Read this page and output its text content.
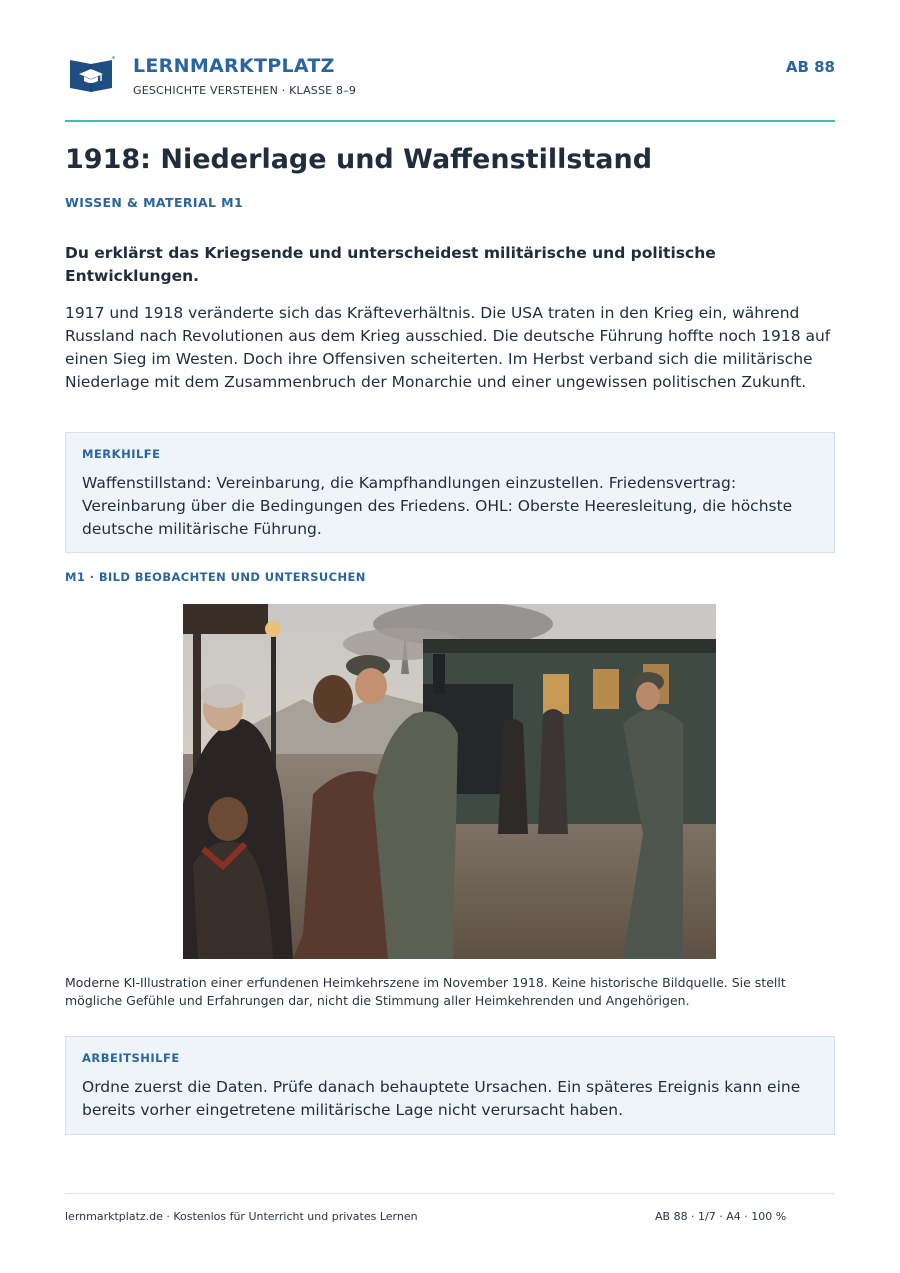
LERNMARKTPLATZ
GESCHICHTE VERSTEHEN · KLASSE 8–9
AB 88
1918: Niederlage und Waffenstillstand
WISSEN & MATERIAL M1

Du erklärst das Kriegsende und unterscheidest militärische und politische Entwicklungen.

1917 und 1918 veränderte sich das Kräfteverhältnis. Die USA traten in den Krieg ein, während Russland nach Revolutionen aus dem Krieg ausschied. Die deutsche Führung hoffte noch 1918 auf einen Sieg im Westen. Doch ihre Offensiven scheiterten. Im Herbst verband sich die militärische Niederlage mit dem Zusammenbruch der Monarchie und einer ungewissen politischen Zukunft.

MERKHILFE
Waffenstillstand: Vereinbarung, die Kampfhandlungen einzustellen. Friedensvertrag: Vereinbarung über die Bedingungen des Friedens. OHL: Oberste Heeresleitung, die höchste deutsche militärische Führung.
M1 · BILD BEOBACHTEN UND UNTERSUCHEN

Moderne KI-Illustration einer erfundenen Heimkehrszene im November 1918. Keine historische Bildquelle. Sie stellt mögliche Gefühle und Erfahrungen dar, nicht die Stimmung aller Heimkehrenden und Angehörigen.

ARBEITSHILFE
Ordne zuerst die Daten. Prüfe danach behauptete Ursachen. Ein späteres Ereignis kann eine bereits vorher eingetretene militärische Lage nicht verursacht haben.
lernmarktplatz.de · Kostenlos für Unterricht und privates Lernen	AB 88 · 1/7 · A4 · 100 %
